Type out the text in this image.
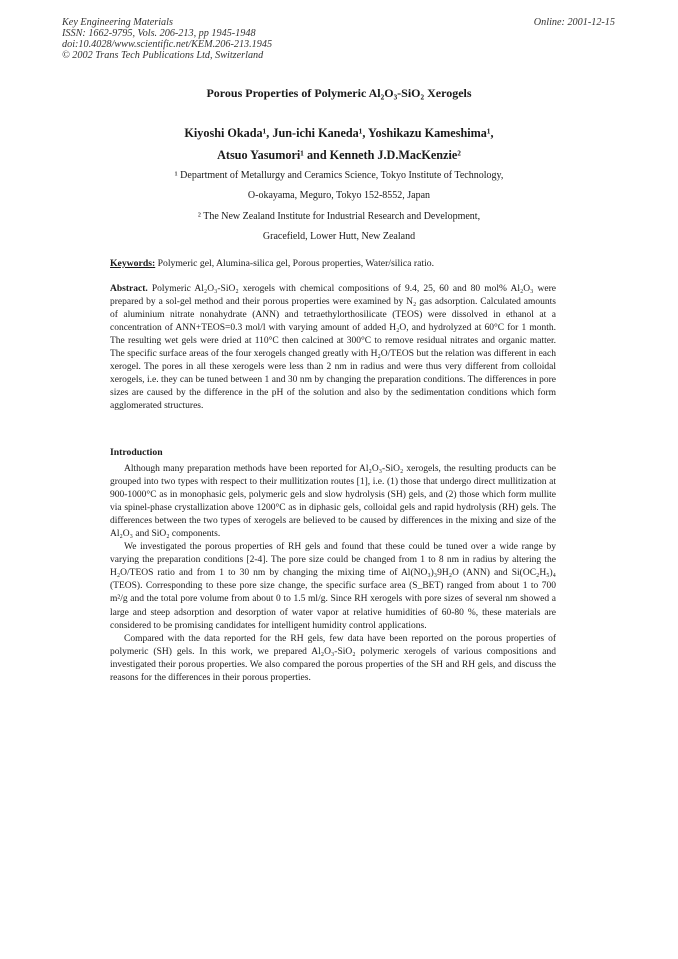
Key Engineering Materials
ISSN: 1662-9795, Vols. 206-213, pp 1945-1948
doi:10.4028/www.scientific.net/KEM.206-213.1945
© 2002 Trans Tech Publications Ltd, Switzerland
Online: 2001-12-15
Porous Properties of Polymeric Al₂O₃-SiO₂ Xerogels
Kiyoshi Okada¹, Jun-ichi Kaneda¹, Yoshikazu Kameshima¹,
Atsuo Yasumori¹ and Kenneth J.D.MacKenzie²
¹ Department of Metallurgy and Ceramics Science, Tokyo Institute of Technology,
O-okayama, Meguro, Tokyo 152-8552, Japan
² The New Zealand Institute for Industrial Research and Development,
Gracefield, Lower Hutt, New Zealand
Keywords: Polymeric gel, Alumina-silica gel, Porous properties, Water/silica ratio.
Abstract. Polymeric Al₂O₃-SiO₂ xerogels with chemical compositions of 9.4, 25, 60 and 80 mol% Al₂O₃ were prepared by a sol-gel method and their porous properties were examined by N₂ gas adsorption. Calculated amounts of aluminium nitrate nonahydrate (ANN) and tetraethylorthosilicate (TEOS) were dissolved in ethanol at a concentration of ANN+TEOS=0.3 mol/l with varying amount of added H₂O, and hydrolyzed at 60°C for 1 month. The resulting wet gels were dried at 110°C then calcined at 300°C to remove residual nitrates and organic matter. The specific surface areas of the four xerogels changed greatly with H₂O/TEOS but the relation was different in each xerogel. The pores in all these xerogels were less than 2 nm in radius and were thus very different from colloidal xerogels, i.e. they can be tuned between 1 and 30 nm by changing the preparation conditions. The differences in pore sizes are caused by the difference in the pH of the solution and also by the sedimentation conditions which form agglomerated structures.
Introduction

Although many preparation methods have been reported for Al₂O₃-SiO₂ xerogels, the resulting products can be grouped into two types with respect to their mullitization routes [1], i.e. (1) those that undergo direct mullitization at 900-1000°C as in monophasic gels, polymeric gels and slow hydrolysis (SH) gels, and (2) those which form mullite via spinel-phase crystallization above 1200°C as in diphasic gels, colloidal gels and rapid hydrolysis (RH) gels. The differences between the two types of xerogels are believed to be caused by differences in the mixing and size of the Al₂O₃ and SiO₂ components.

We investigated the porous properties of RH gels and found that these could be tuned over a wide range by varying the preparation conditions [2-4]. The pore size could be changed from 1 to 8 nm in radius by altering the H₂O/TEOS ratio and from 1 to 30 nm by changing the mixing time of Al(NO₃)₃9H₂O (ANN) and Si(OC₂H₅)₄ (TEOS). Corresponding to these pore size change, the specific surface area (S_BET) ranged from about 1 to 700 m²/g and the total pore volume from about 0 to 1.5 ml/g. Since RH xerogels with pore sizes of several nm showed a large and steep adsorption and desorption of water vapor at relative humidities of 60-80 %, these materials are considered to be promising candidates for intelligent humidity control applications.

Compared with the data reported for the RH gels, few data have been reported on the porous properties of polymeric (SH) gels. In this work, we prepared Al₂O₃-SiO₂ polymeric xerogels of various compositions and investigated their porous properties. We also compared the porous properties of the SH and RH gels, and discuss the reasons for the differences in their porous properties.
